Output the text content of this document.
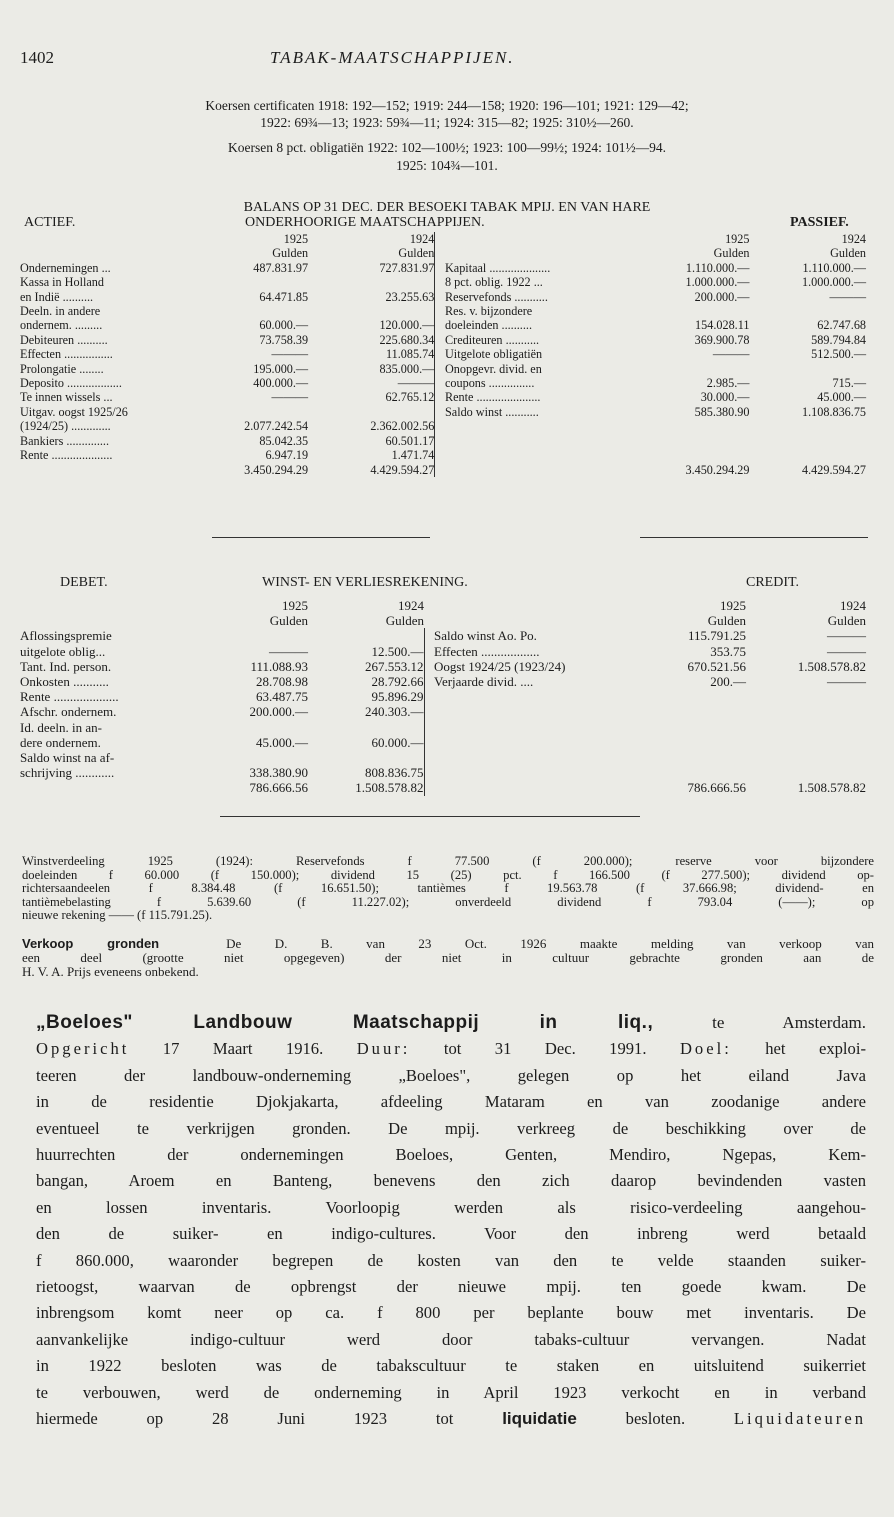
1402	TABAK-MAATSCHAPPIJEN.
Koersen certificaten 1918: 192—152; 1919: 244—158; 1920: 196—101; 1921: 129—42;
1922: 69¾—13; 1923: 59¾—11; 1924: 315—82; 1925: 310½—260.
Koersen 8 pct. obligatiën 1922: 102—100½; 1923: 100—99½; 1924: 101½—94.
1925: 104¾—101.
BALANS OP 31 DEC. DER BESOEKI TABAK MPIJ. EN VAN HARE
ACTIEF.	ONDERHOORIGE MAATSCHAPPIJEN.	PASSIEF.
	1925	1924			1925	1924
	Gulden	Gulden			Gulden	Gulden
Ondernemingen ...	487.831.97	727.831.97		Kapitaal ....................	1.110.000.—	1.110.000.—
Kassa in Holland				8 pct. oblig. 1922 ...	1.000.000.—	1.000.000.—
en Indië ..........	64.471.85	23.255.63		Reservefonds ...........	200.000.—	———
Deeln. in andere				Res. v. bijzondere		
ondernem. .........	60.000.—	120.000.—		doeleinden ..........	154.028.11	62.747.68
Debiteuren ..........	73.758.39	225.680.34		Crediteuren ...........	369.900.78	589.794.84
Effecten ................	———	11.085.74		Uitgelote obligatiën	———	512.500.—
Prolongatie ........	195.000.—	835.000.—		Onopgevr. divid. en		
Deposito ..................	400.000.—	———		coupons ...............	2.985.—	715.—
Te innen wissels ...	———	62.765.12		Rente .....................	30.000.—	45.000.—
Uitgav. oogst 1925/26				Saldo winst ...........	585.380.90	1.108.836.75
(1924/25) .............	2.077.242.54	2.362.002.56				
Bankiers ..............	85.042.35	60.501.17				
Rente ....................	6.947.19	1.471.74				
	3.450.294.29	4.429.594.27			3.450.294.29	4.429.594.27
DEBET.	WINST- EN VERLIESREKENING.	CREDIT.
	1925	1924			1925	1924
	Gulden	Gulden			Gulden	Gulden
Aflossingspremie				Saldo winst Ao. Po.	115.791.25	———
uitgelote oblig...	———	12.500.—		Effecten ..................	353.75	———
Tant. Ind. person.	111.088.93	267.553.12		Oogst 1924/25 (1923/24)	670.521.56	1.508.578.82
Onkosten ...........	28.708.98	28.792.66		Verjaarde divid. ....	200.—	———
Rente ....................	63.487.75	95.896.29				
Afschr. ondernem.	200.000.—	240.303.—				
Id. deeln. in an-						
dere ondernem.	45.000.—	60.000.—				
Saldo winst na af-						
schrijving ............	338.380.90	808.836.75				
	786.666.56	1.508.578.82			786.666.56	1.508.578.82
Winstverdeeling 1925 (1924): Reservefonds f 77.500 (f 200.000); reserve voor bijzondere
doeleinden f 60.000 (f 150.000); dividend 15 (25) pct. f 166.500 (f 277.500); dividend op-
richtersaandeelen f 8.384.48 (f 16.651.50); tantièmes f 19.563.78 (f 37.666.98; dividend- en
tantièmebelasting f 5.639.60 (f 11.227.02); onverdeeld dividend f 793.04 (——); op
nieuwe rekening —— (f 115.791.25).
Verkoop gronden	De D. B. van 23 Oct. 1926 maakte melding van verkoop van
een deel (grootte niet opgegeven) der niet in cultuur gebrachte gronden aan de
H. V. A. Prijs eveneens onbekend.
„Boeloes" Landbouw Maatschappij in liq.,	te Amsterdam.
Opgericht 17 Maart 1916. Duur: tot 31 Dec. 1991. Doel: het exploi-
teeren der landbouw-onderneming „Boeloes", gelegen op het eiland Java
in de residentie Djokjakarta, afdeeling Mataram en van zoodanige andere
eventueel te verkrijgen gronden. De mpij. verkreeg de beschikking over de
huurrechten der ondernemingen Boeloes, Genten, Mendiro, Ngepas, Kem-
bangan, Aroem en Banteng, benevens den zich daarop bevindenden vasten
en lossen inventaris. Voorloopig werden als risico-verdeeling aangehou-
den de suiker- en indigo-cultures. Voor den inbreng werd betaald
f 860.000, waaronder begrepen de kosten van den te velde staanden suiker-
rietoogst, waarvan de opbrengst der nieuwe mpij. ten goede kwam. De
inbrengsom komt neer op ca. f 800 per beplante bouw met inventaris. De
aanvankelijke indigo-cultuur werd door tabaks-cultuur vervangen. Nadat
in 1922 besloten was de tabakscultuur te staken en uitsluitend suikerriet
te verbouwen, werd de onderneming in April 1923 verkocht en in verband
hiermede op 28 Juni 1923 tot liquidatie besloten. Liquidateuren
